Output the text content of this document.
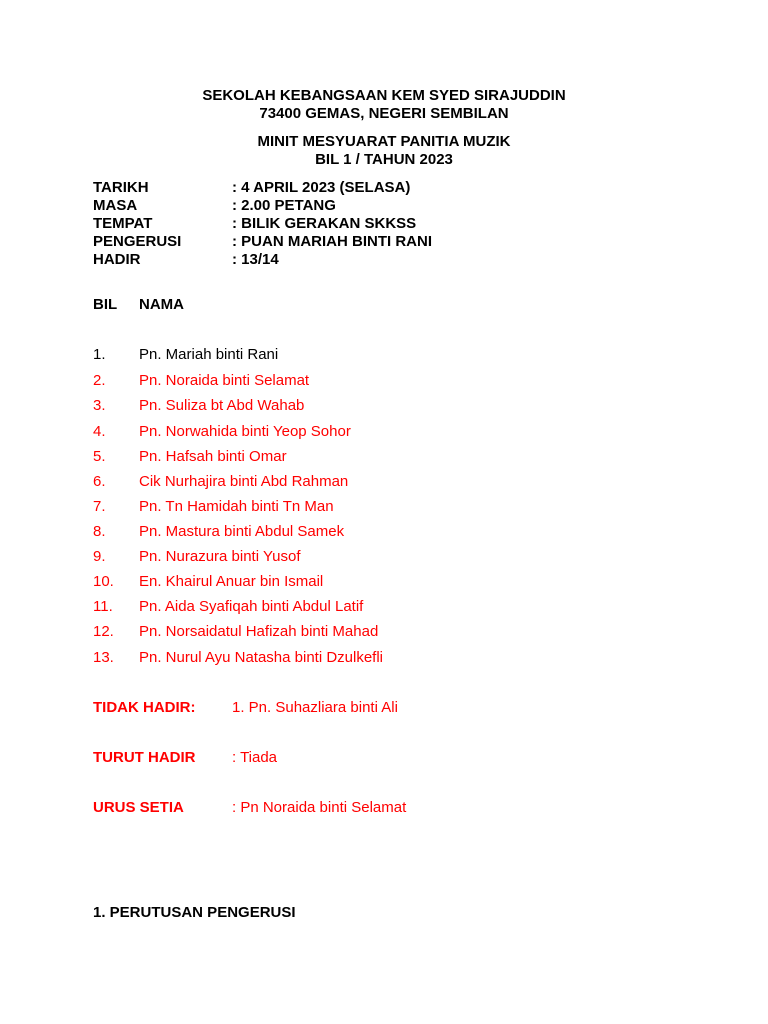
SEKOLAH KEBANGSAAN KEM SYED SIRAJUDDIN
73400 GEMAS, NEGERI SEMBILAN
MINIT MESYUARAT PANITIA MUZIK
BIL 1 / TAHUN 2023
TARIKH	: 4 APRIL 2023 (SELASA)
MASA	: 2.00 PETANG
TEMPAT	: BILIK GERAKAN SKKSS
PENGERUSI	: PUAN MARIAH BINTI RANI
HADIR	: 13/14
BIL NAMA
1. Pn. Mariah binti Rani
2. Pn. Noraida binti Selamat
3. Pn. Suliza bt Abd Wahab
4. Pn. Norwahida binti Yeop Sohor
5. Pn. Hafsah binti Omar
6. Cik Nurhajira binti Abd Rahman
7. Pn. Tn Hamidah binti Tn Man
8. Pn. Mastura binti Abdul Samek
9. Pn. Nurazura binti Yusof
10. En. Khairul Anuar bin Ismail
11. Pn. Aida Syafiqah binti Abdul Latif
12. Pn. Norsaidatul Hafizah binti Mahad
13. Pn. Nurul Ayu Natasha binti Dzulkefli
TIDAK HADIR: 1. Pn. Suhazliara binti Ali
TURUT HADIR : Tiada
URUS SETIA	: Pn Noraida binti Selamat
1. PERUTUSAN PENGERUSI
